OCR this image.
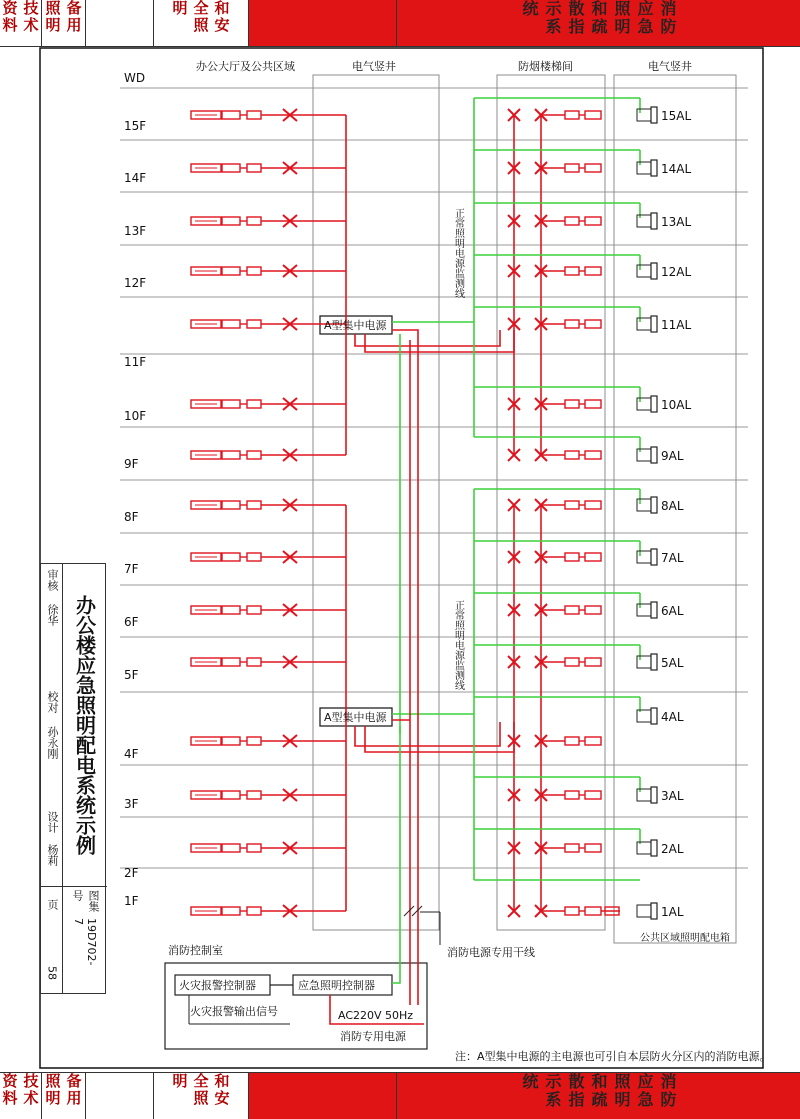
技术资料	备用照明	和安全照明	消防应急照明和疏散指示系统
WD
15F
14F
13F
12F
11F
10F
9F
8F
7F
6F
5F
4F
3F
2F
1F
办公大厅及公共区域	电气竖井	防烟楼梯间	电气竖井
A型集中电源
A型集中电源
消防电源专用干线
15AL
14AL
13AL
12AL
11AL
10AL
9AL
8AL
7AL
6AL
5AL
4AL
3AL
2AL
1AL
公共区域照明配电箱
正常照明电源监测线
正常照明电源监测线
消防控制室
火灾报警控制器	应急照明控制器
火灾报警输出信号	AC220V 50Hz
消防专用电源
注：A型集中电源的主电源也可引自本层防火分区内的消防电源。
办公楼应急照明配电系统示例
审核
徐华
校对
孙永刚
设计
杨莉
图集号
19D702-7
页
58
技术资料	备用照明	和安全照明	消防应急照明和疏散指示系统
